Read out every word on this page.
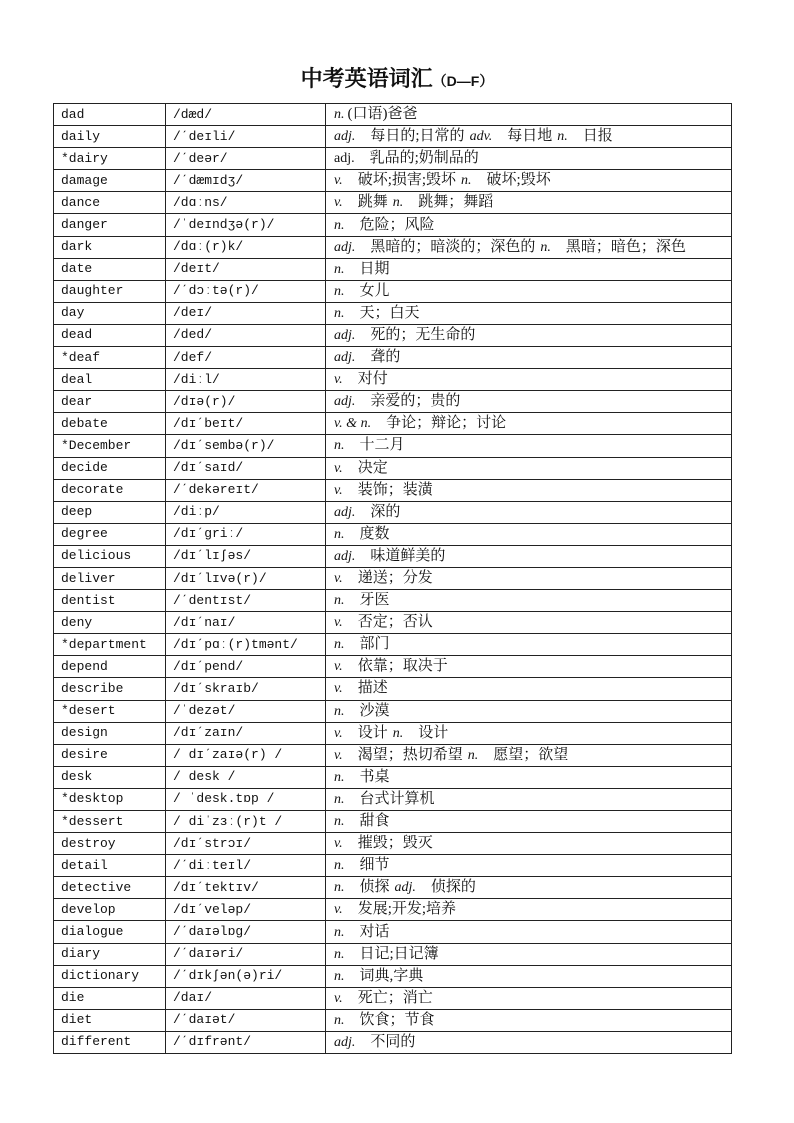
中考英语词汇（D—F）
dad	/dæd/	n. (口语)爸爸
daily	/ˊdeɪli/	adj. 每日的;日常的 adv. 每日地 n. 日报
*dairy	/ˊdeər/	adj. 乳品的;奶制品的
damage	/ˊdæmɪdʒ/	v. 破坏;损害;毁坏 n. 破坏;毁坏
dance	/dɑːns/	v. 跳舞 n. 跳舞；舞蹈
danger	/ˈdeɪndʒə(r)/	n. 危险；风险
dark	/dɑː(r)k/	adj. 黑暗的；暗淡的；深色的 n. 黑暗；暗色；深色
date	/deɪt/	n. 日期
daughter	/ˊdɔːtə(r)/	n. 女儿
day	/deɪ/	n. 天；白天
dead	/ded/	adj. 死的；无生命的
*deaf	/def/	adj. 聋的
deal	/diːl/	v. 对付
dear	/dɪə(r)/	adj. 亲爱的；贵的
debate	/dɪˊbeɪt/	v. & n. 争论；辩论；讨论
*December	/dɪˊsembə(r)/	n. 十二月
decide	/dɪˊsaɪd/	v. 决定
decorate	/ˊdekəreɪt/	v. 装饰；装潢
deep	/diːp/	adj. 深的
degree	/dɪˊgriː/	n. 度数
delicious	/dɪˊlɪʃəs/	adj. 味道鲜美的
deliver	/dɪˊlɪvə(r)/	v. 递送；分发
dentist	/ˊdentɪst/	n. 牙医
deny	/dɪˊnaɪ/	v. 否定；否认
*department	/dɪˊpɑː(r)tmənt/	n. 部门
depend	/dɪˊpend/	v. 依靠；取决于
describe	/dɪˊskraɪb/	v. 描述
*desert	/ˈdezət/	n. 沙漠
design	/dɪˊzaɪn/	v. 设计 n. 设计
desire	/ dɪˊzaɪə(r) /	v. 渴望；热切希望 n. 愿望；欲望
desk	/ desk /	n. 书桌
*desktop	/ ˈdesk.tɒp /	n. 台式计算机
*dessert	/ diˈzɜː(r)t /	n. 甜食
destroy	/dɪˊstrɔɪ/	v. 摧毁；毁灭
detail	/ˊdiːteɪl/	n. 细节
detective	/dɪˊtektɪv/	n. 侦探 adj. 侦探的
develop	/dɪˊveləp/	v. 发展;开发;培养
dialogue	/ˊdaɪəlɒg/	n. 对话
diary	/ˊdaɪəri/	n. 日记;日记簿
dictionary	/ˊdɪkʃən(ə)ri/	n. 词典,字典
die	/daɪ/	v. 死亡；消亡
diet	/ˊdaɪət/	n. 饮食；节食
different	/ˊdɪfrənt/	adj. 不同的
